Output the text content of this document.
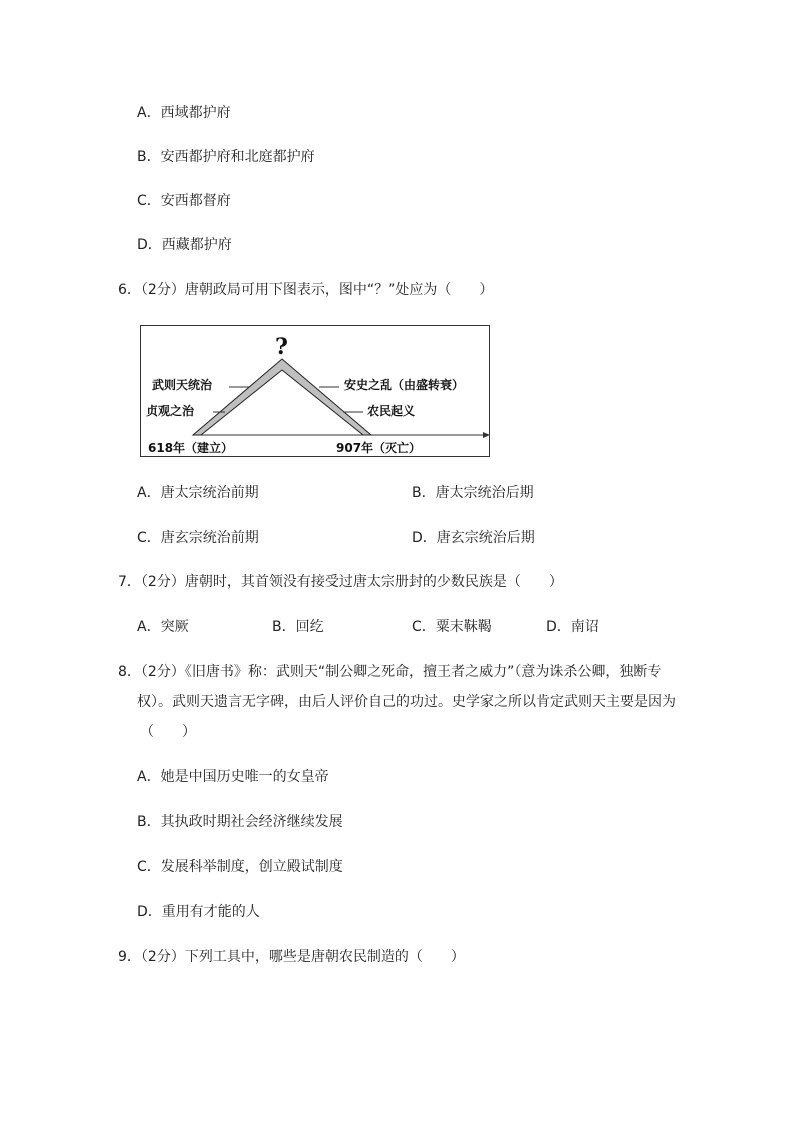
A．西域都护府
B．安西都护府和北庭都护府
C．安西都督府
D．西藏都护府
6．（2分）唐朝政局可用下图表示，图中“？”处应为（　　）
?
武则天统治
贞观之治
安史之乱（由盛转衰）
农民起义
618年（建立）	907年（灭亡）
A．唐太宗统治前期	B．唐太宗统治后期
C．唐玄宗统治前期	D．唐玄宗统治后期
7．（2分）唐朝时，其首领没有接受过唐太宗册封的少数民族是（　　）
A．突厥	B．回纥	C．粟末靺鞨	D．南诏
8．（2分）《旧唐书》称：武则天“制公卿之死命，擅王者之威力”（意为诛杀公卿，独断专
权）。武则天遗言无字碑，由后人评价自己的功过。史学家之所以肯定武则天主要是因为
（　　）
A．她是中国历史唯一的女皇帝
B．其执政时期社会经济继续发展
C．发展科举制度，创立殿试制度
D．重用有才能的人
9．（2分）下列工具中，哪些是唐朝农民制造的（　　）
